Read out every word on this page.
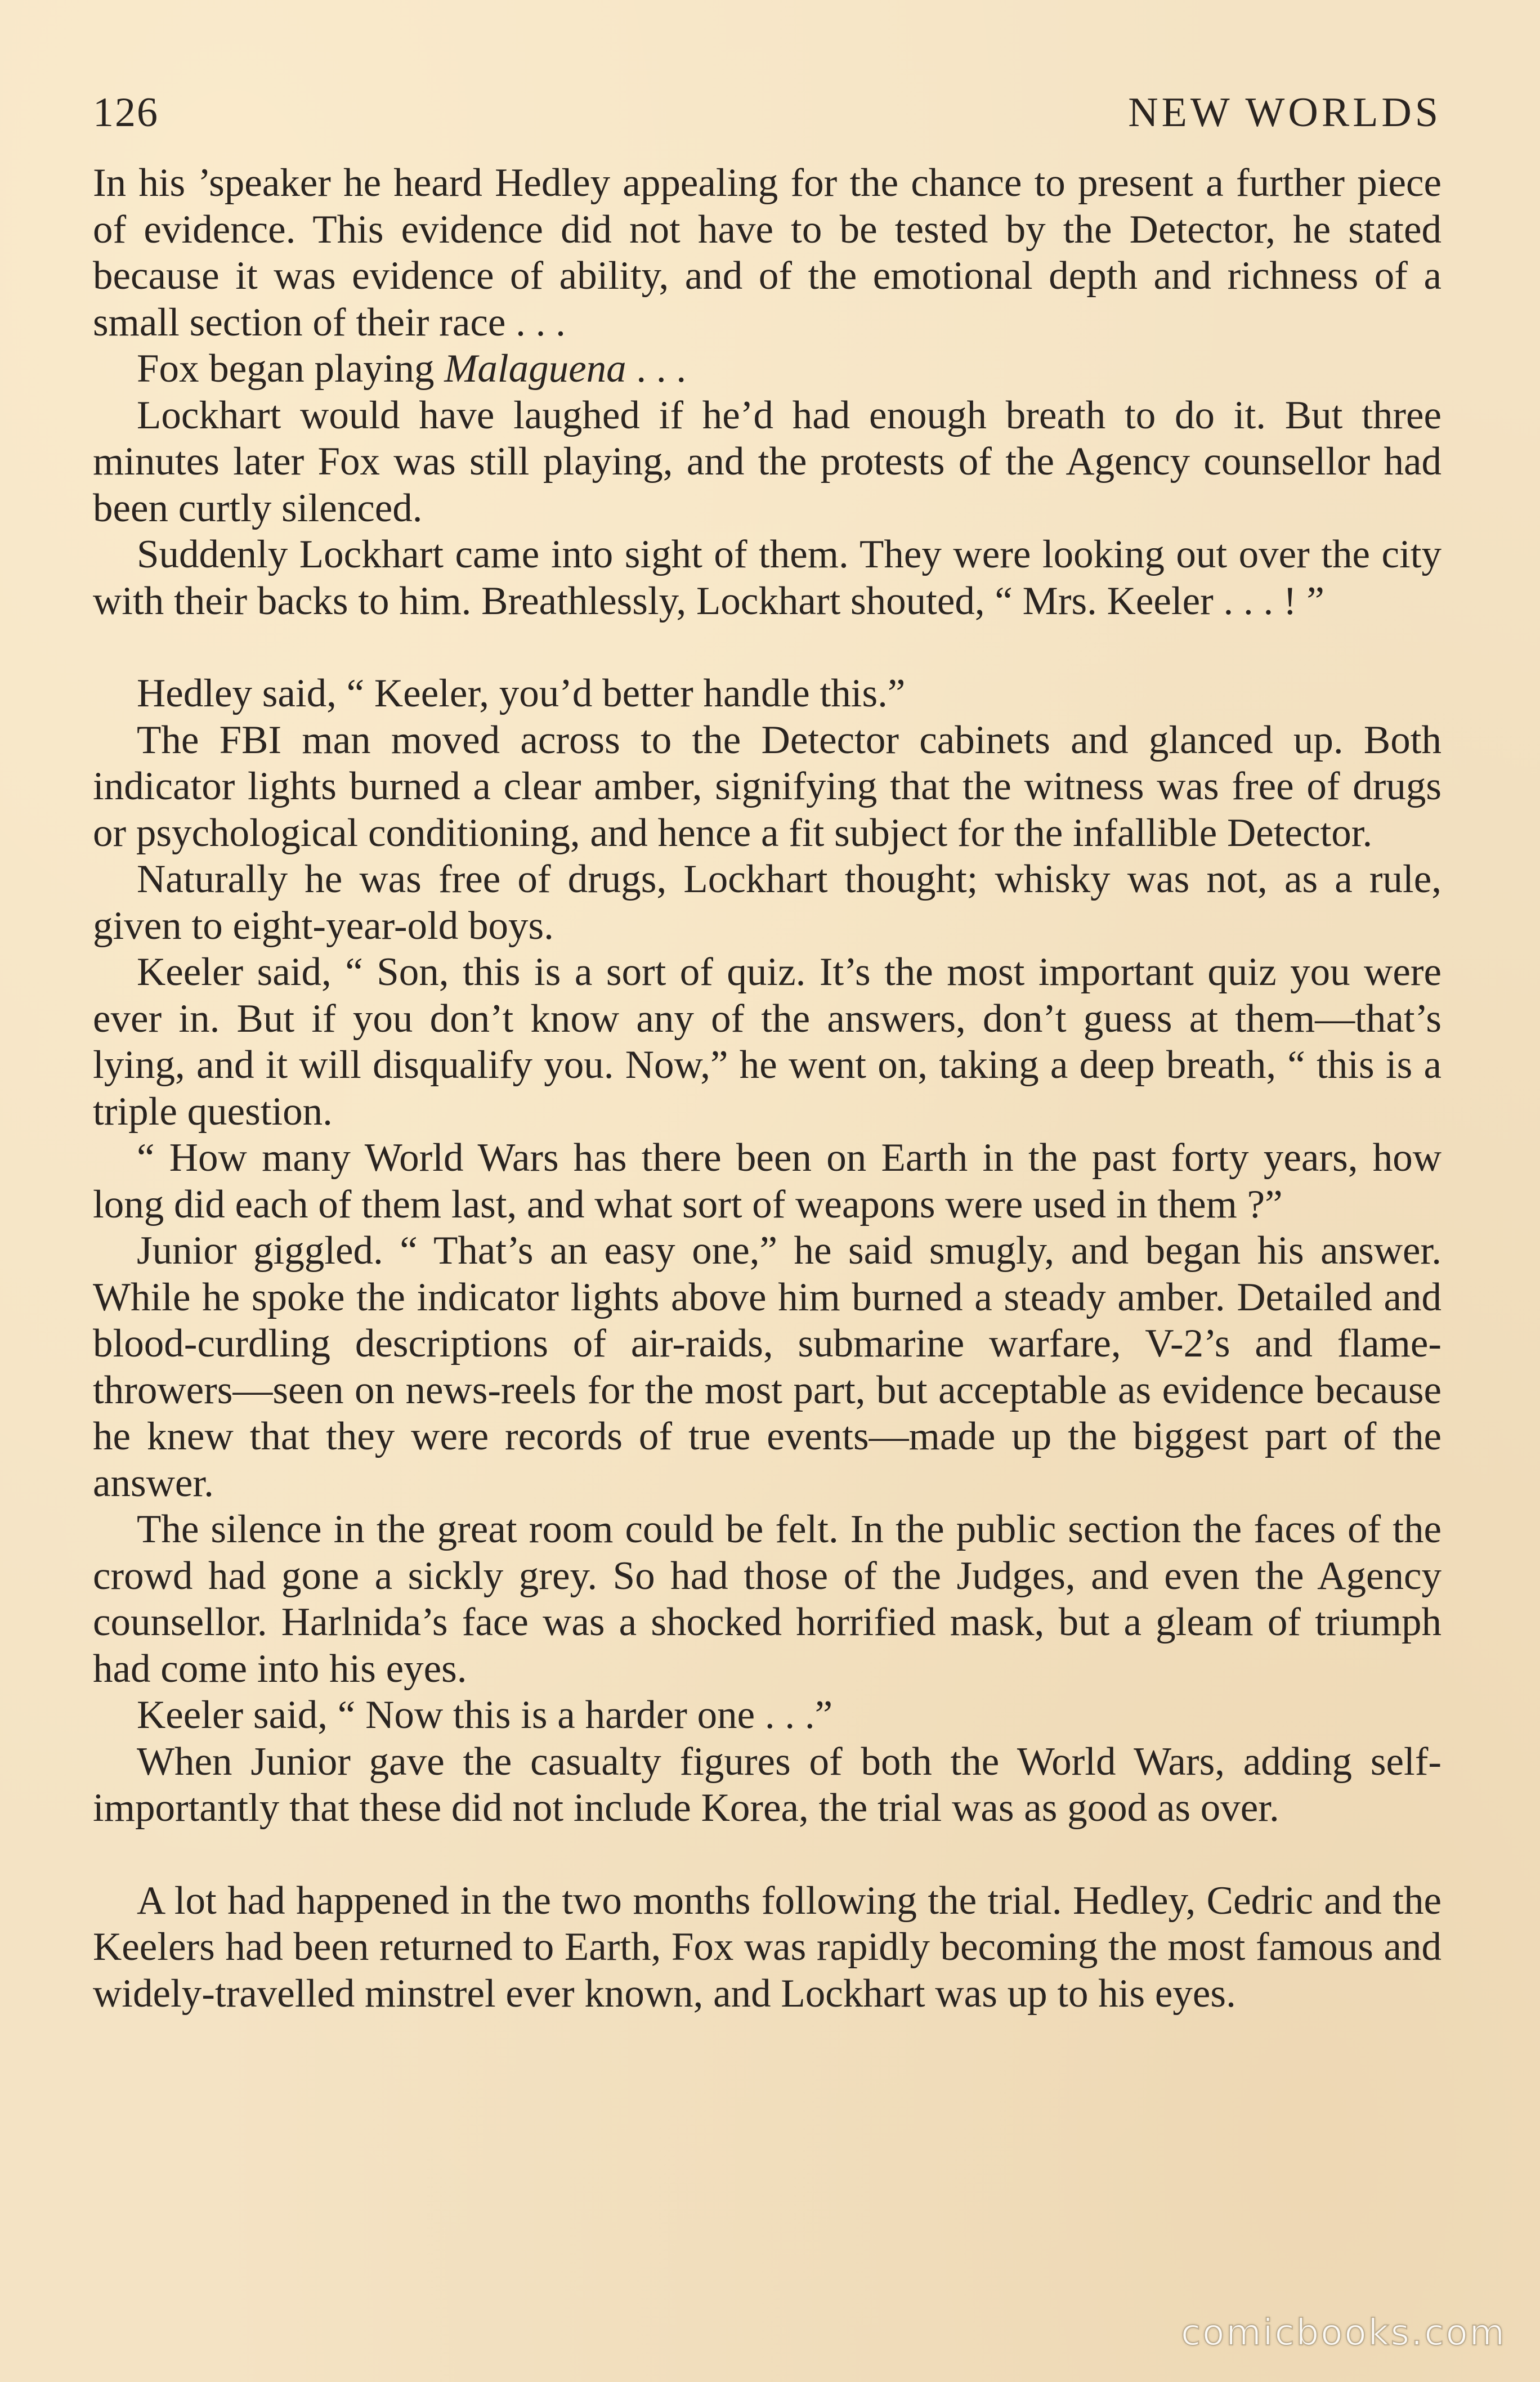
126	NEW WORLDS

In his ’speaker he heard Hedley appealing for the chance to present a further piece of evidence. This evidence did not have to be tested by the Detector, he stated because it was evidence of ability, and of the emotional depth and richness of a small section of their race . . .

Fox began playing Malaguena . . .

Lockhart would have laughed if he’d had enough breath to do it. But three minutes later Fox was still playing, and the protests of the Agency counsellor had been curtly silenced.

Suddenly Lockhart came into sight of them. They were looking out over the city with their backs to him. Breathlessly, Lockhart shouted, “ Mrs. Keeler . . . ! ”

Hedley said, “ Keeler, you’d better handle this.”

The FBI man moved across to the Detector cabinets and glanced up. Both indicator lights burned a clear amber, signifying that the witness was free of drugs or psychological conditioning, and hence a fit subject for the infallible Detector.

Naturally he was free of drugs, Lockhart thought; whisky was not, as a rule, given to eight-year-old boys.

Keeler said, “ Son, this is a sort of quiz. It’s the most important quiz you were ever in. But if you don’t know any of the answers, don’t guess at them—that’s lying, and it will disqualify you. Now,” he went on, taking a deep breath, “ this is a triple question.

“ How many World Wars has there been on Earth in the past forty years, how long did each of them last, and what sort of weapons were used in them ?”

Junior giggled. “ That’s an easy one,” he said smugly, and began his answer. While he spoke the indicator lights above him burned a steady amber. Detailed and blood-curdling descriptions of air-raids, submarine warfare, V-2’s and flame-throwers—seen on news-reels for the most part, but acceptable as evidence because he knew that they were records of true events—made up the biggest part of the answer.

The silence in the great room could be felt. In the public section the faces of the crowd had gone a sickly grey. So had those of the Judges, and even the Agency counsellor. Harlnida’s face was a shocked horrified mask, but a gleam of triumph had come into his eyes.

Keeler said, “ Now this is a harder one . . .”

When Junior gave the casualty figures of both the World Wars, adding self-importantly that these did not include Korea, the trial was as good as over.

A lot had happened in the two months following the trial. Hedley, Cedric and the Keelers had been returned to Earth, Fox was rapidly becoming the most famous and widely-travelled minstrel ever known, and Lockhart was up to his eyes.

comicbooks.com
